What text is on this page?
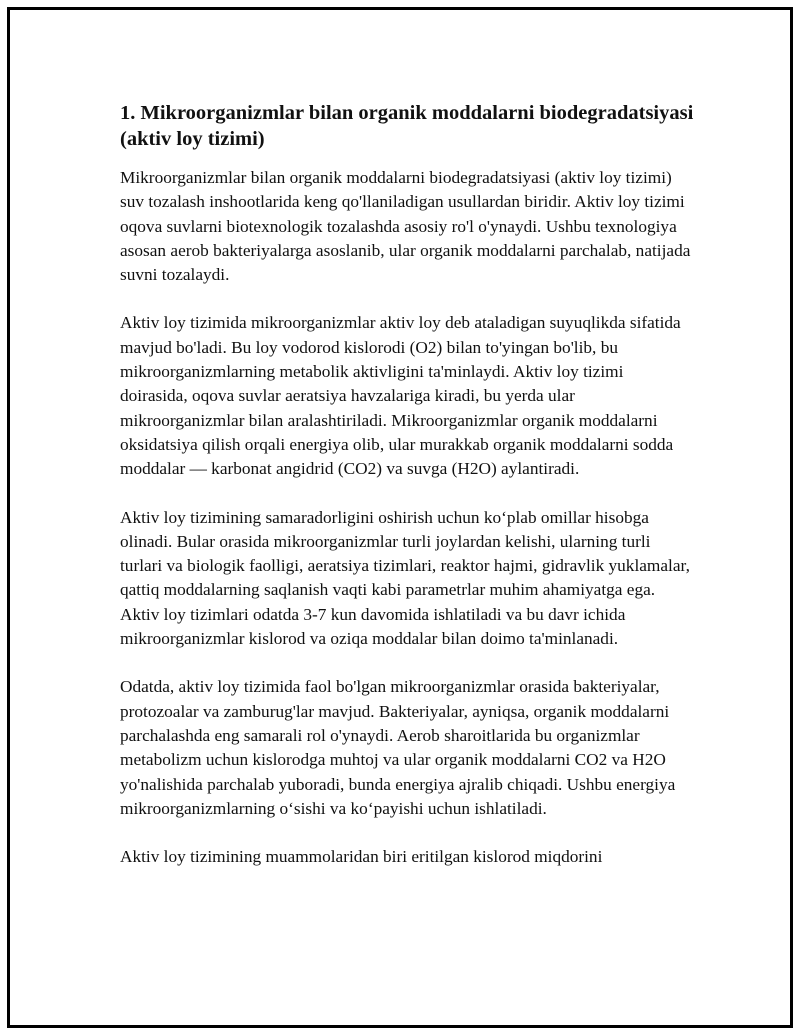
1. Mikroorganizmlar bilan organik moddalarni biodegradatsiyasi (aktiv loy tizimi)

Mikroorganizmlar bilan organik moddalarni biodegradatsiyasi (aktiv loy tizimi) suv tozalash inshootlarida keng qo'llaniladigan usullardan biridir. Aktiv loy tizimi oqova suvlarni biotexnologik tozalashda asosiy ro'l o'ynaydi. Ushbu texnologiya asosan aerob bakteriyalarga asoslanib, ular organik moddalarni parchalab, natijada suvni tozalaydi.

Aktiv loy tizimida mikroorganizmlar aktiv loy deb ataladigan suyuqlikda sifatida mavjud bo'ladi. Bu loy vodorod kislorodi (O2) bilan to'yingan bo'lib, bu mikroorganizmlarning metabolik aktivligini ta'minlaydi. Aktiv loy tizimi doirasida, oqova suvlar aeratsiya havzalariga kiradi, bu yerda ular mikroorganizmlar bilan aralashtiriladi. Mikroorganizmlar organik moddalarni oksidatsiya qilish orqali energiya olib, ular murakkab organik moddalarni sodda moddalar — karbonat angidrid (CO2) va suvga (H2O) aylantiradi.

Aktiv loy tizimining samaradorligini oshirish uchun koʻplab omillar hisobga olinadi. Bular orasida mikroorganizmlar turli joylardan kelishi, ularning turli turlari va biologik faolligi, aeratsiya tizimlari, reaktor hajmi, gidravlik yuklamalar, qattiq moddalarning saqlanish vaqti kabi parametrlar muhim ahamiyatga ega. Aktiv loy tizimlari odatda 3-7 kun davomida ishlatiladi va bu davr ichida mikroorganizmlar kislorod va oziqa moddalar bilan doimo ta'minlanadi.

Odatda, aktiv loy tizimida faol bo'lgan mikroorganizmlar orasida bakteriyalar, protozoalar va zamburug'lar mavjud. Bakteriyalar, ayniqsa, organik moddalarni parchalashda eng samarali rol o'ynaydi. Aerob sharoitlarida bu organizmlar metabolizm uchun kislorodga muhtoj va ular organik moddalarni CO2 va H2O yo'nalishida parchalab yuboradi, bunda energiya ajralib chiqadi. Ushbu energiya mikroorganizmlarning oʻsishi va koʻpayishi uchun ishlatiladi.

Aktiv loy tizimining muammolaridan biri eritilgan kislorod miqdorini
